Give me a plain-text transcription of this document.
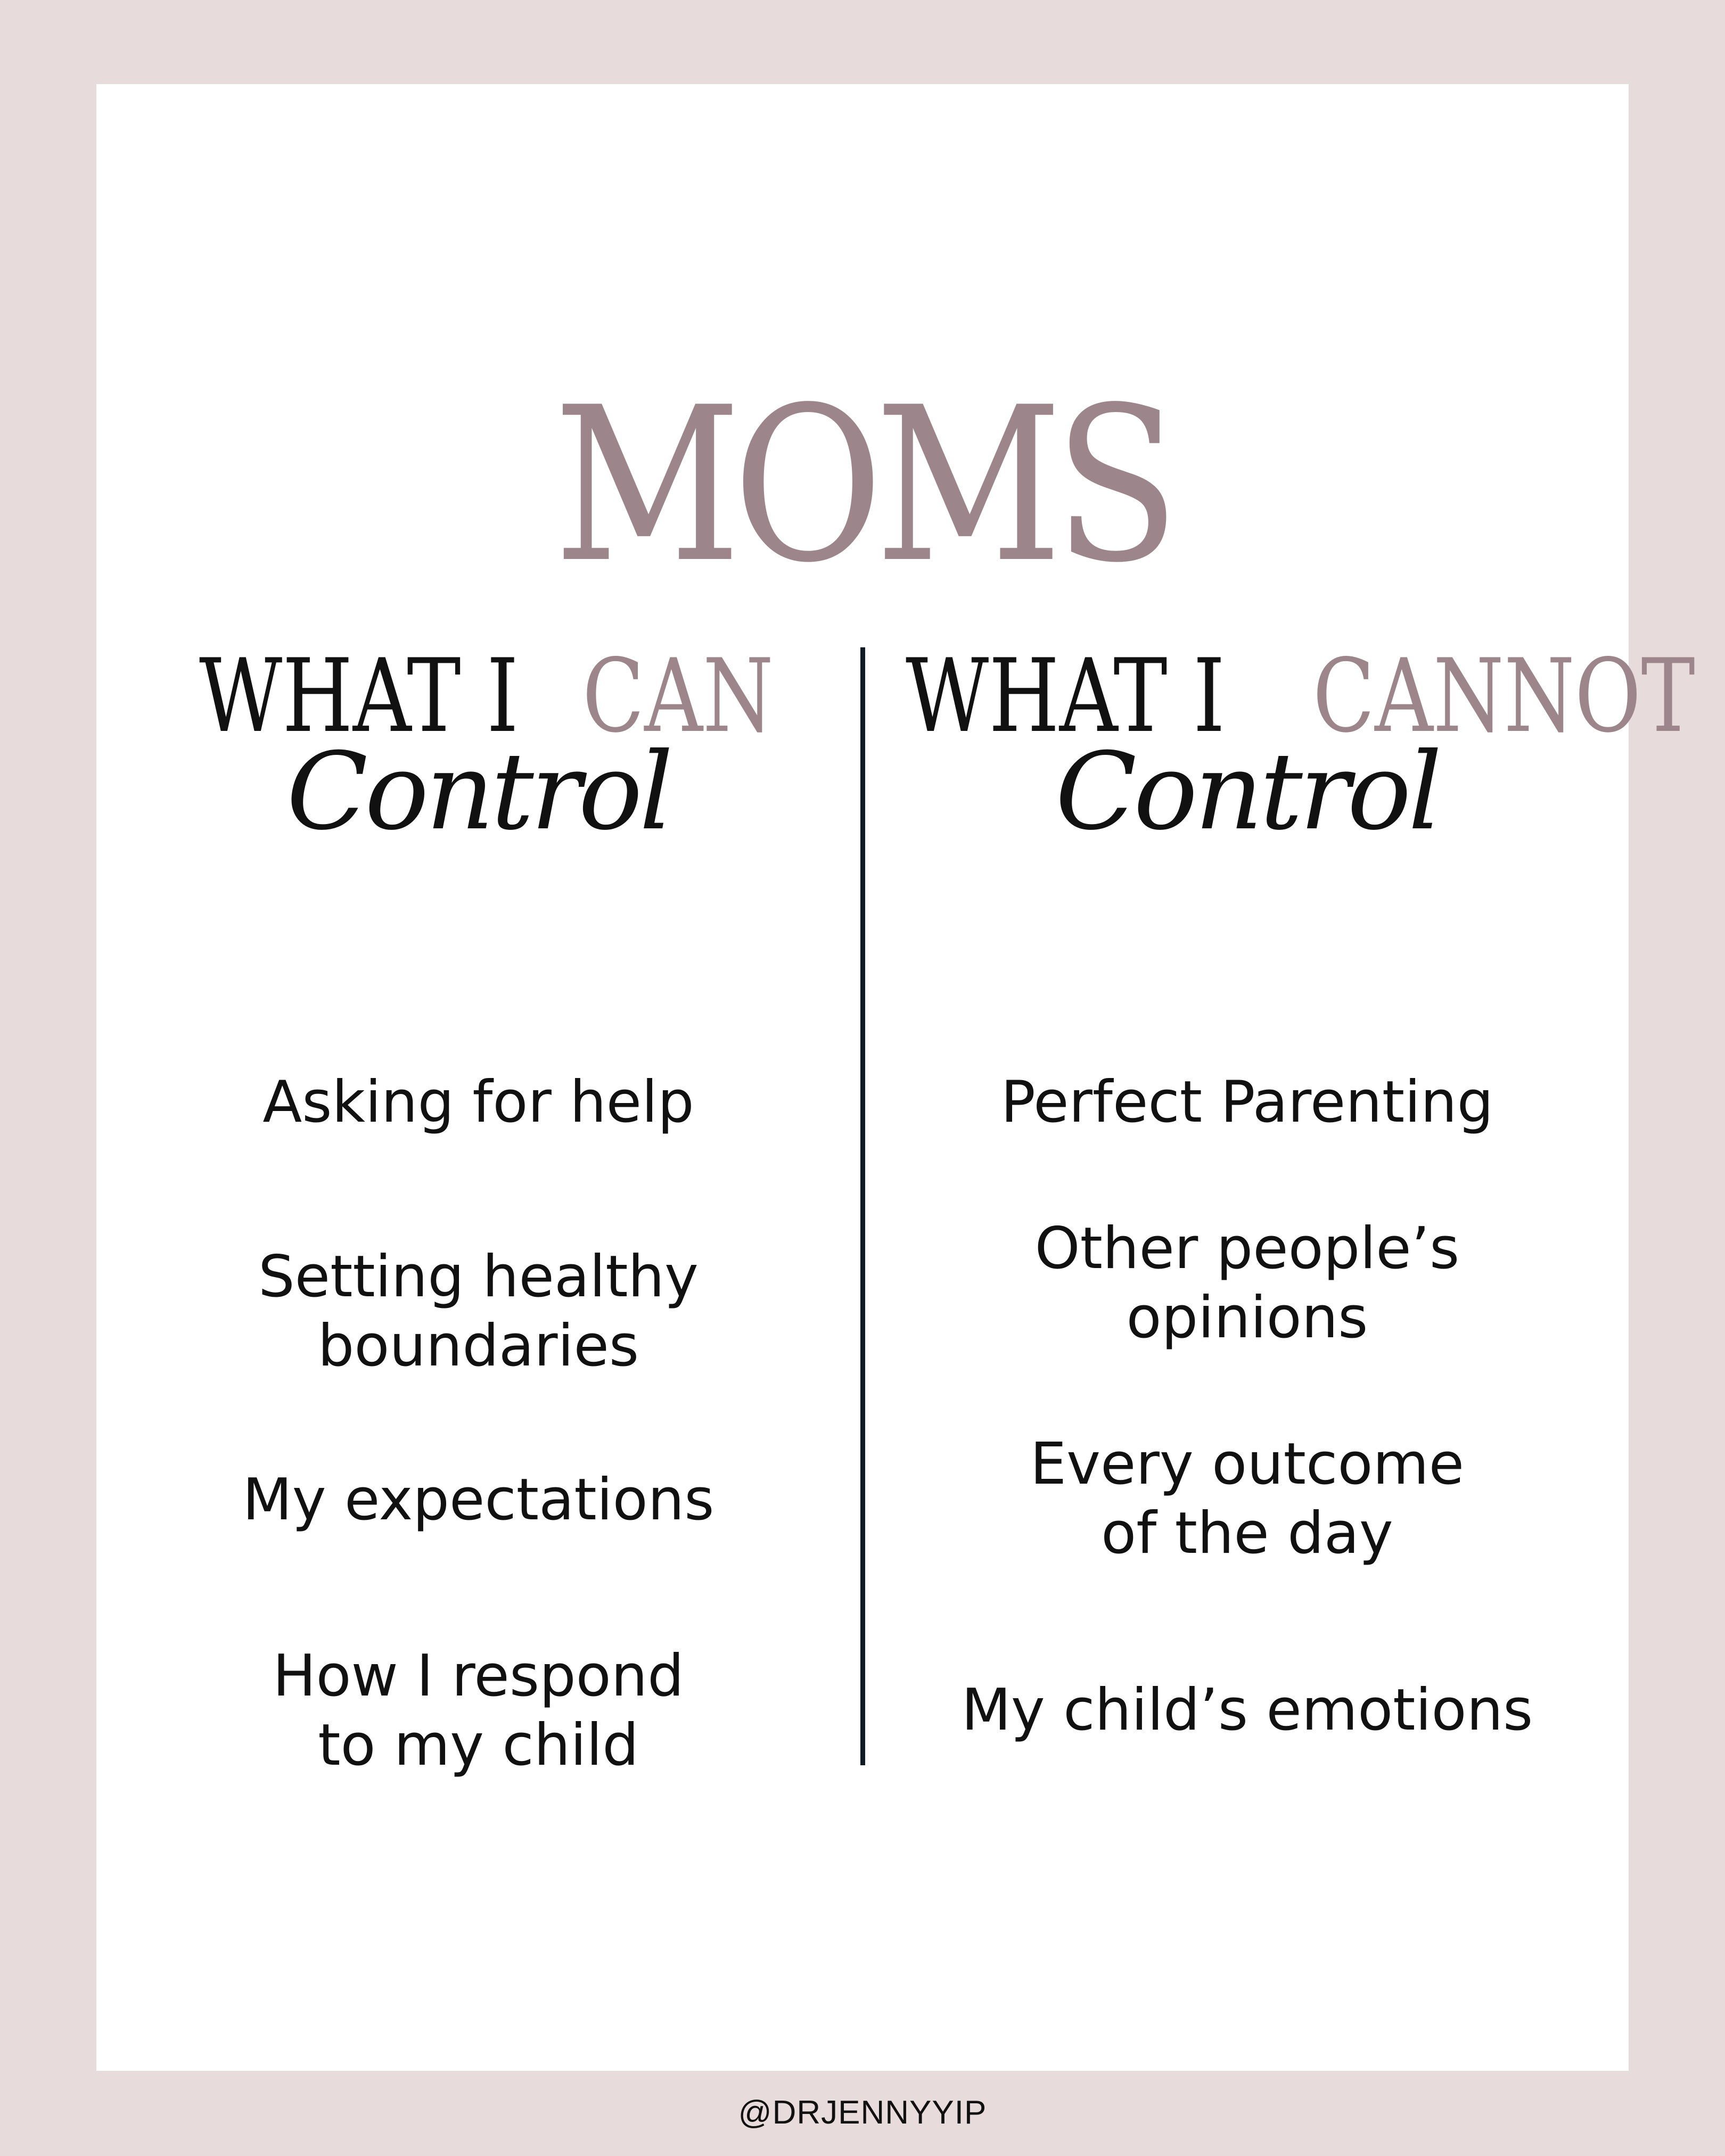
MOMS
WHAT ICAN
Control
Asking for help
Setting healthy
boundaries
My expectations
How I respond
to my child
WHAT ICANNOT
Control
Perfect Parenting
Other people’s
opinions
Every outcome
of the day
My child’s emotions
@DRJENNYYIP
